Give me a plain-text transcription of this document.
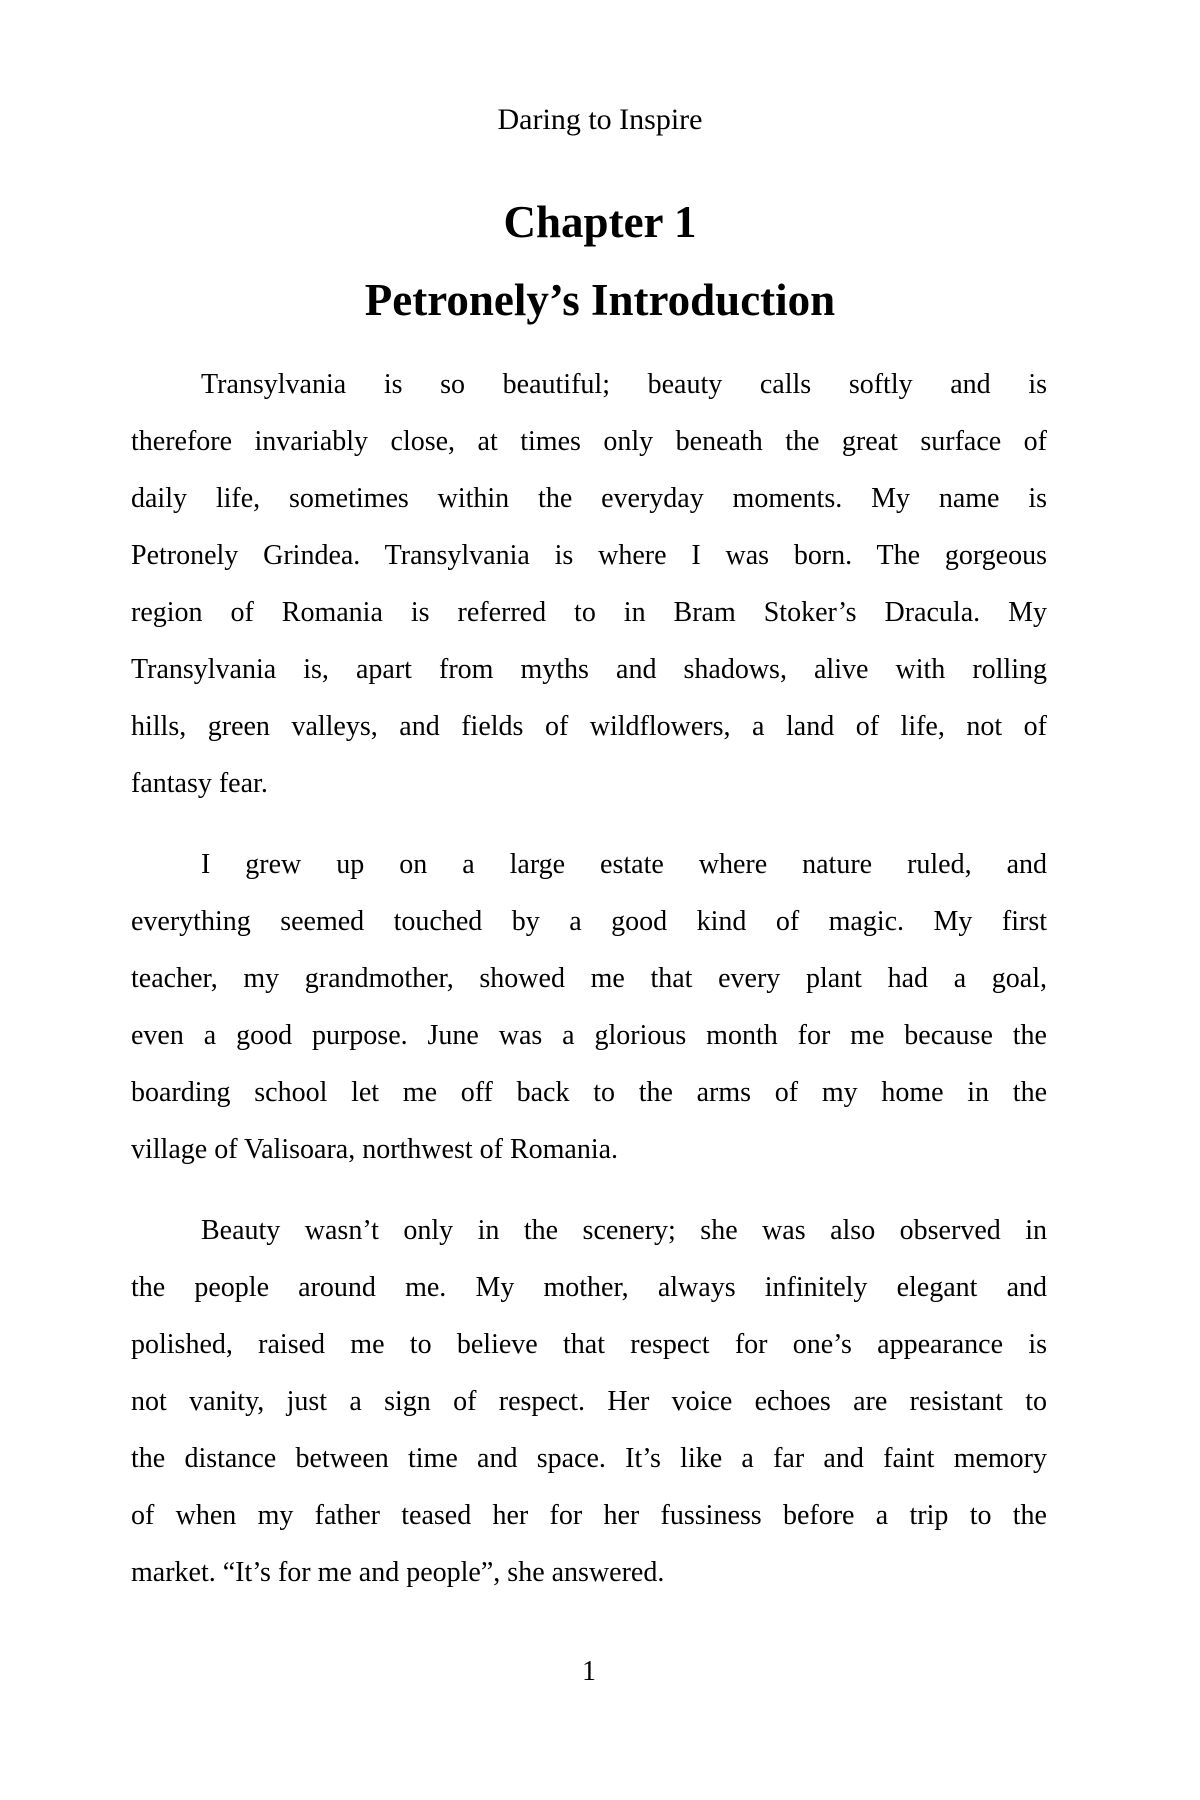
Daring to Inspire
Chapter 1
Petronely’s Introduction
Transylvania is so beautiful; beauty calls softly and is
therefore invariably close, at times only beneath the great surface of
daily life, sometimes within the everyday moments. My name is
Petronely Grindea. Transylvania is where I was born. The gorgeous
region of Romania is referred to in Bram Stoker’s Dracula. My
Transylvania is, apart from myths and shadows, alive with rolling
hills, green valleys, and fields of wildflowers, a land of life, not of
fantasy fear.
I grew up on a large estate where nature ruled, and
everything seemed touched by a good kind of magic. My first
teacher, my grandmother, showed me that every plant had a goal,
even a good purpose. June was a glorious month for me because the
boarding school let me off back to the arms of my home in the
village of Valisoara, northwest of Romania.
Beauty wasn’t only in the scenery; she was also observed in
the people around me. My mother, always infinitely elegant and
polished, raised me to believe that respect for one’s appearance is
not vanity, just a sign of respect. Her voice echoes are resistant to
the distance between time and space. It’s like a far and faint memory
of when my father teased her for her fussiness before a trip to the
market. “It’s for me and people”, she answered.
1
